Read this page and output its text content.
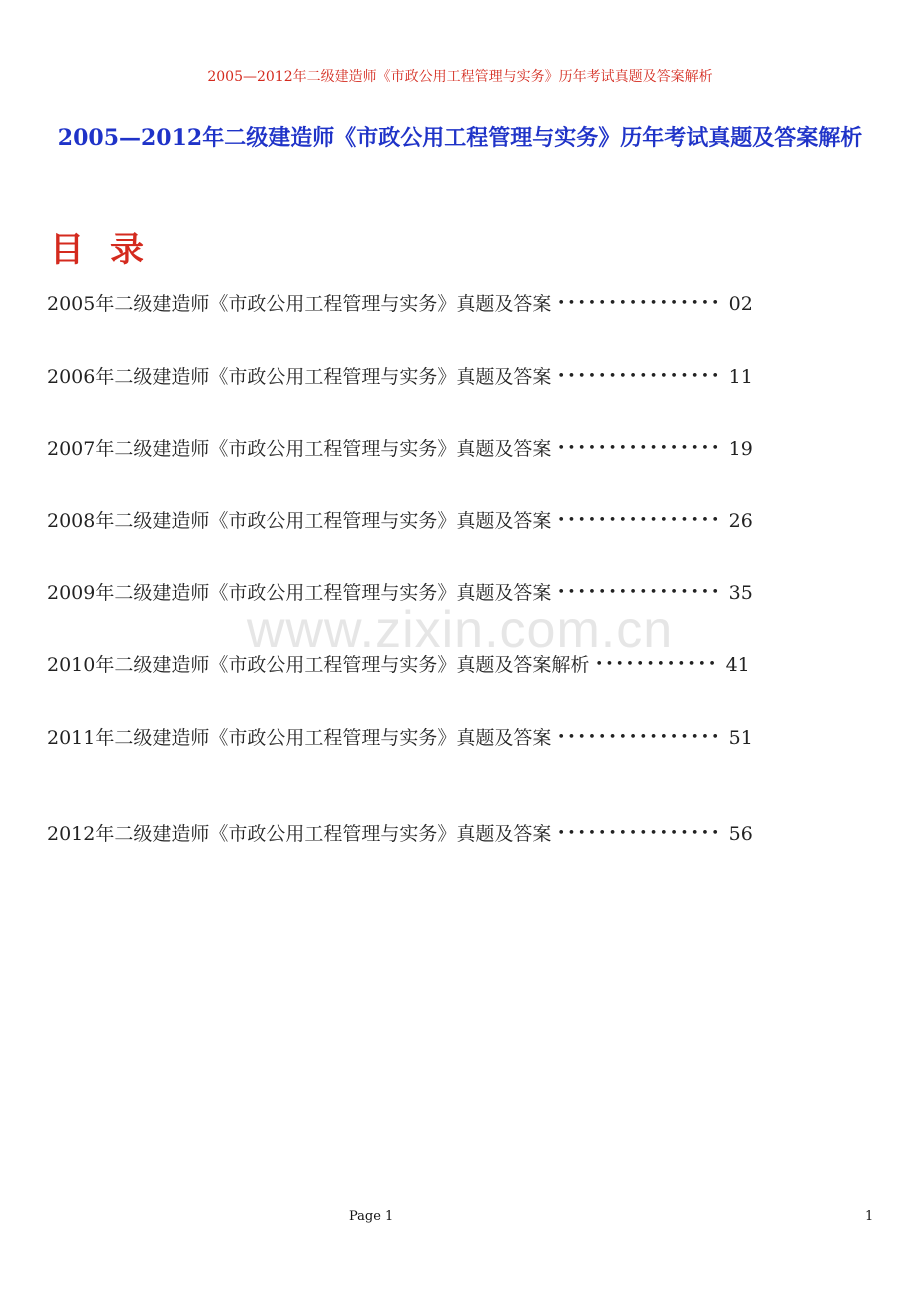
2005—2012年二级建造师《市政公用工程管理与实务》历年考试真题及答案解析
2005—2012年二级建造师《市政公用工程管理与实务》历年考试真题及答案解析
目录
www.zixin.com.cn
2005年二级建造师《市政公用工程管理与实务》真题及答案 •••••••••••••••• 02
2006年二级建造师《市政公用工程管理与实务》真题及答案 •••••••••••••••• 11
2007年二级建造师《市政公用工程管理与实务》真题及答案 •••••••••••••••• 19
2008年二级建造师《市政公用工程管理与实务》真题及答案 •••••••••••••••• 26
2009年二级建造师《市政公用工程管理与实务》真题及答案 •••••••••••••••• 35
2010年二级建造师《市政公用工程管理与实务》真题及答案解析 •••••••••••• 41
2011年二级建造师《市政公用工程管理与实务》真题及答案 •••••••••••••••• 51
2012年二级建造师《市政公用工程管理与实务》真题及答案 •••••••••••••••• 56
Page 1	1
